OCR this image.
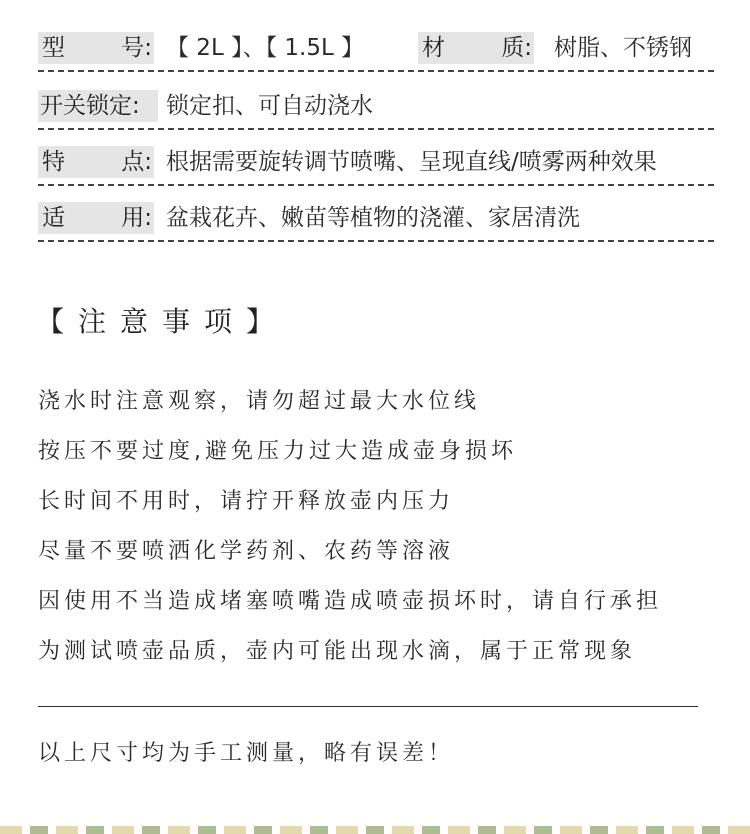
型 号: 【 2L 】、【 1.5L 】	材 质: 树脂、不锈钢
开关锁定:	锁定扣、可自动浇水
特 点: 根据需要旋转调节喷嘴、呈现直线/喷雾两种效果
适 用: 盆栽花卉、嫩苗等植物的浇灌、家居清洗
【注意事项】
浇水时注意观察，请勿超过最大水位线
按压不要过度,避免压力过大造成壶身损坏
长时间不用时，请拧开释放壶内压力
尽量不要喷洒化学药剂、农药等溶液
因使用不当造成堵塞喷嘴造成喷壶损坏时，请自行承担
为测试喷壶品质，壶内可能出现水滴，属于正常现象
以上尺寸均为手工测量，略有误差！
